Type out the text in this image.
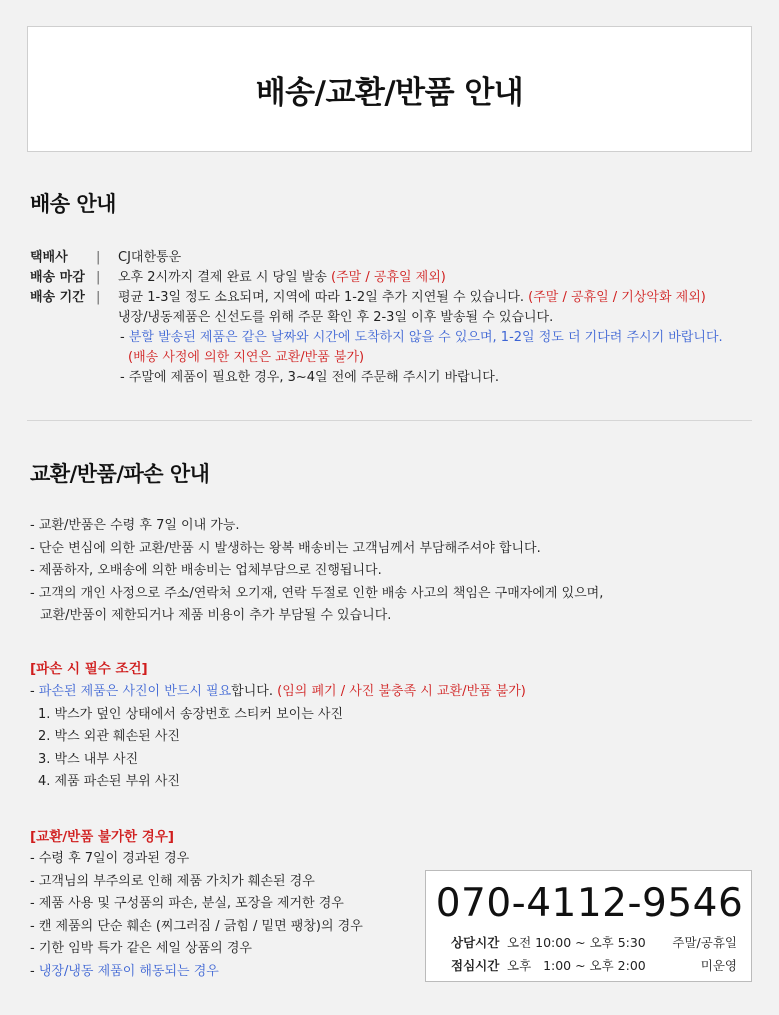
배송/교환/반품 안내
배송 안내
택배사	|	CJ대한통운
배송 마감 |	오후 2시까지 결제 완료 시 당일 발송 (주말 / 공휴일 제외)
배송 기간 |	평균 1-3일 정도 소요되며, 지역에 따라 1-2일 추가 지연될 수 있습니다. (주말 / 공휴일 / 기상악화 제외)
냉장/냉동제품은 신선도를 위해 주문 확인 후 2-3일 이후 발송될 수 있습니다.
- 분할 발송된 제품은 같은 날짜와 시간에 도착하지 않을 수 있으며, 1-2일 정도 더 기다려 주시기 바랍니다.
(배송 사정에 의한 지연은 교환/반품 불가)
- 주말에 제품이 필요한 경우, 3~4일 전에 주문해 주시기 바랍니다.
교환/반품/파손 안내
- 교환/반품은 수령 후 7일 이내 가능.
- 단순 변심에 의한 교환/반품 시 발생하는 왕복 배송비는 고객님께서 부담해주셔야 합니다.
- 제품하자, 오배송에 의한 배송비는 업체부담으로 진행됩니다.
- 고객의 개인 사정으로 주소/연락처 오기재, 연락 두절로 인한 배송 사고의 책임은 구매자에게 있으며,
교환/반품이 제한되거나 제품 비용이 추가 부담될 수 있습니다.
[파손 시 필수 조건]
- 파손된 제품은 사진이 반드시 필요합니다. (임의 폐기 / 사진 불충족 시 교환/반품 불가)
1. 박스가 덮인 상태에서 송장번호 스티커 보이는 사진
2. 박스 외관 훼손된 사진
3. 박스 내부 사진
4. 제품 파손된 부위 사진
[교환/반품 불가한 경우]
- 수령 후 7일이 경과된 경우
- 고객님의 부주의로 인해 제품 가치가 훼손된 경우
- 제품 사용 및 구성품의 파손, 분실, 포장을 제거한 경우
- 캔 제품의 단순 훼손 (찌그러짐 / 긁힘 / 밑면 팽창)의 경우
- 기한 임박 특가 같은 세일 상품의 경우
- 냉장/냉동 제품이 해동되는 경우
070-4112-9546
상담시간 오전 10:00 ~ 오후 5:30	주말/공휴일
점심시간 오후   1:00 ~ 오후 2:00	미운영
